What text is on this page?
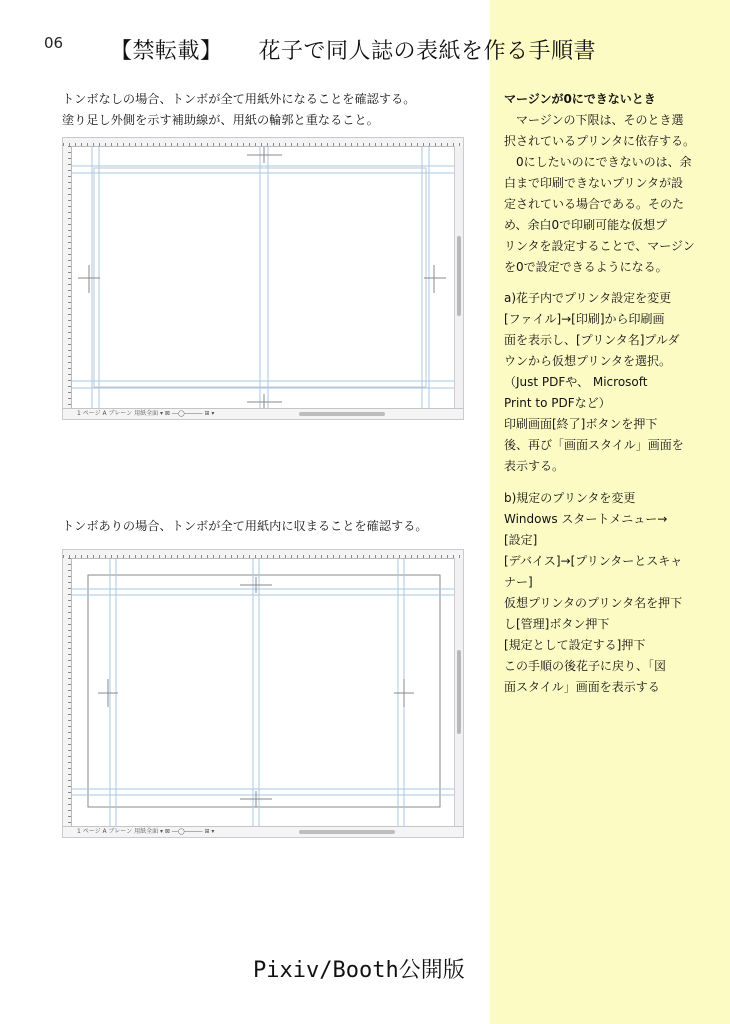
06 【禁転載】 花子で同人誌の表紙を作る手順書
トンボなしの場合、トンボが全て用紙外になることを確認する。
塗り足し外側を示す補助線が、用紙の輪郭と重なること。
1 ページ A ブレーン 用紙全面 ▾ ⊠ ―◯――― ⊞ ▾
トンボありの場合、トンボが全て用紙内に収まることを確認する。
1 ページ A ブレーン 用紙全面 ▾ ⊠ ―◯――― ⊞ ▾
マージンが0にできないとき
　マージンの下限は、そのとき選
択されているプリンタに依存する。
　0にしたいのにできないのは、余
白まで印刷できないプリンタが設
定されている場合である。そのた
め、余白0で印刷可能な仮想プ
リンタを設定することで、マージン
を0で設定できるようになる。
a)花子内でプリンタ設定を変更
[ファイル]→[印刷]から印刷画
面を表示し、[プリンタ名]プルダ
ウンから仮想プリンタを選択。
（Just PDFや、 Microsoft
Print to PDFなど）
印刷画面[終了]ボタンを押下
後、再び「画面スタイル」画面を
表示する。
b)規定のプリンタを変更
Windows スタートメニュー→
[設定]
[デバイス]→[プリンターとスキャ
ナー]
仮想プリンタのプリンタ名を押下
し[管理]ボタン押下
[規定として設定する]押下
この手順の後花子に戻り、「図
面スタイル」画面を表示する
Pixiv/Booth公開版
